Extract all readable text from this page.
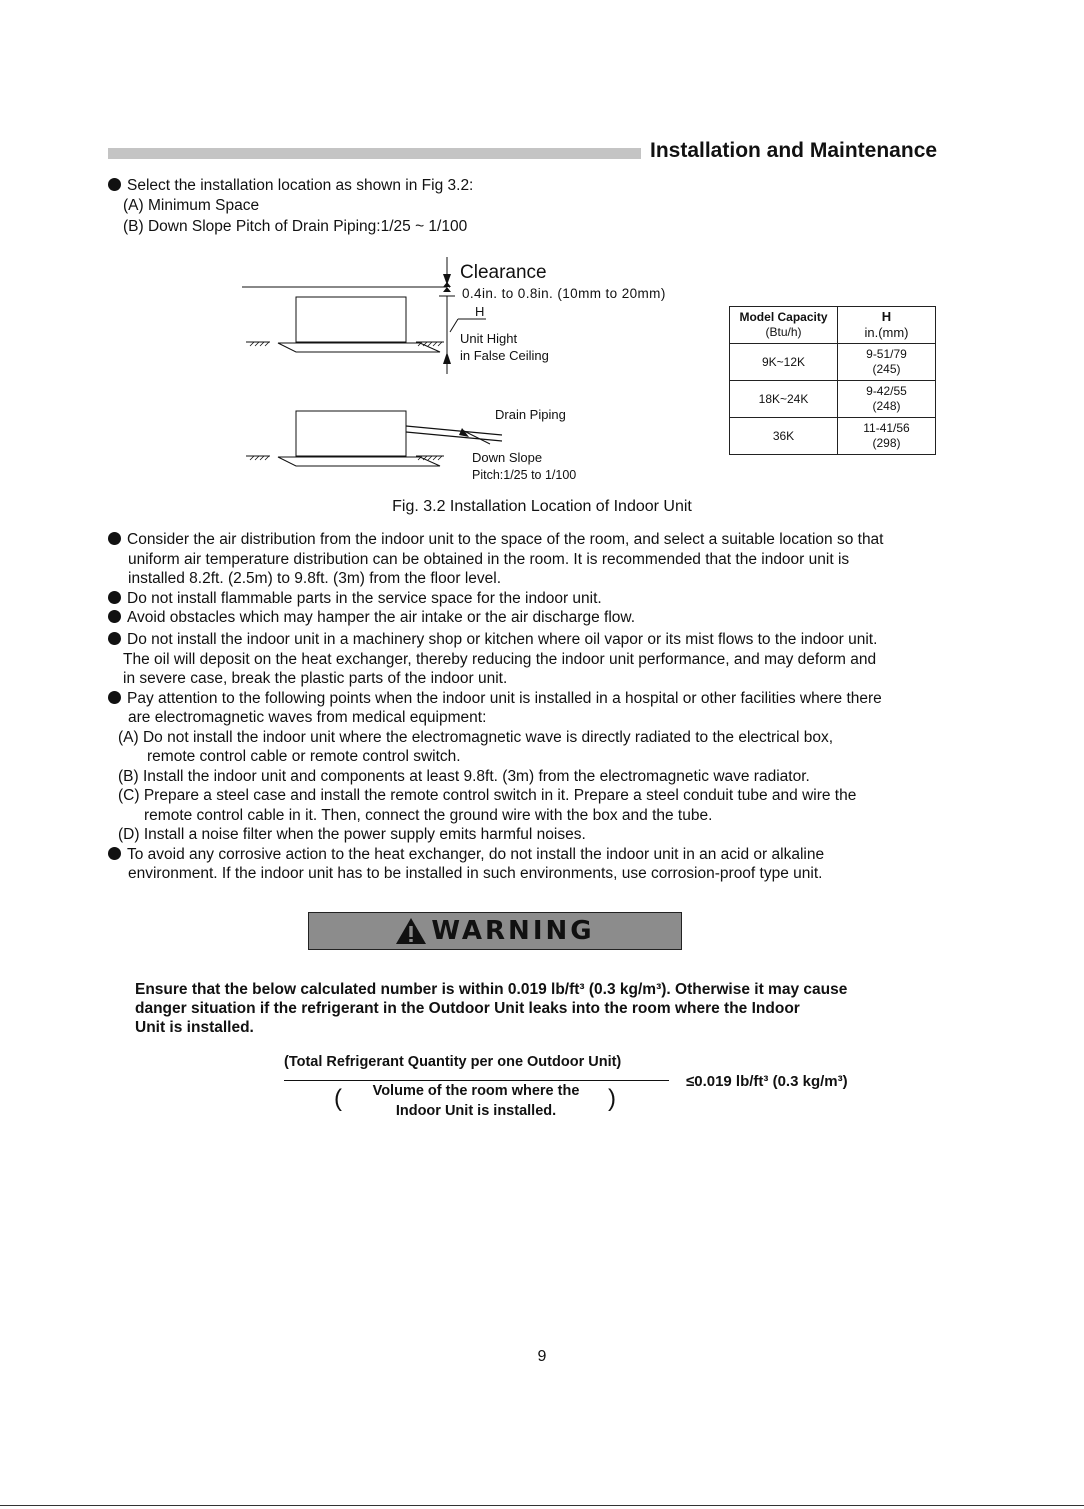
Installation and Maintenance
Select the installation location as shown in Fig 3.2:
(A) Minimum Space
(B) Down Slope Pitch of Drain Piping:1/25 ~ 1/100
Clearance
0.4in. to 0.8in. (10mm to 20mm)
H
Unit Hight
in False Ceiling
Drain Piping
Down Slope
Pitch:1/25 to 1/100
Model Capacity
(Btu/h)	H
in.(mm)
9K~12K	9-51/79
(245)
18K~24K	9-42/55
(248)
36K	11-41/56
(298)
Fig. 3.2 Installation Location of Indoor Unit
Consider the air distribution from the indoor unit to the space of the room, and select a suitable location so that
uniform air temperature distribution can be obtained in the room. It is recommended that the indoor unit is
installed 8.2ft. (2.5m) to 9.8ft. (3m) from the floor level.
Do not install flammable parts in the service space for the indoor unit.
Avoid obstacles which may hamper the air intake or the air discharge flow.
Do not install the indoor unit in a machinery shop or kitchen where oil vapor or its mist flows to the indoor unit.
The oil will deposit on the heat exchanger, thereby reducing the indoor unit performance, and may deform and
in severe case, break the plastic parts of the indoor unit.
Pay attention to the following points when the indoor unit is installed in a hospital or other facilities where there
are electromagnetic waves from medical equipment:
(A) Do not install the indoor unit where the electromagnetic wave is directly radiated to the electrical box,
remote control cable or remote control switch.
(B) Install the indoor unit and components at least 9.8ft. (3m) from the electromagnetic wave radiator.
(C) Prepare a steel case and install the remote control switch in it. Prepare a steel conduit tube and wire the
remote control cable in it. Then, connect the ground wire with the box and the tube.
(D) Install a noise filter when the power supply emits harmful noises.
To avoid any corrosive action to the heat exchanger, do not install the indoor unit in an acid or alkaline
environment. If the indoor unit has to be installed in such environments, use corrosion-proof type unit.
WARNING
Ensure that the below calculated number is within 0.019 lb/ft³ (0.3 kg/m³). Otherwise it may cause
danger situation if the refrigerant in the Outdoor Unit leaks into the room where the Indoor
Unit is installed.
(Total Refrigerant Quantity per one Outdoor Unit)
(	Volume of the room where the
Indoor Unit is installed.	)
≤0.019 lb/ft³ (0.3 kg/m³)
9
